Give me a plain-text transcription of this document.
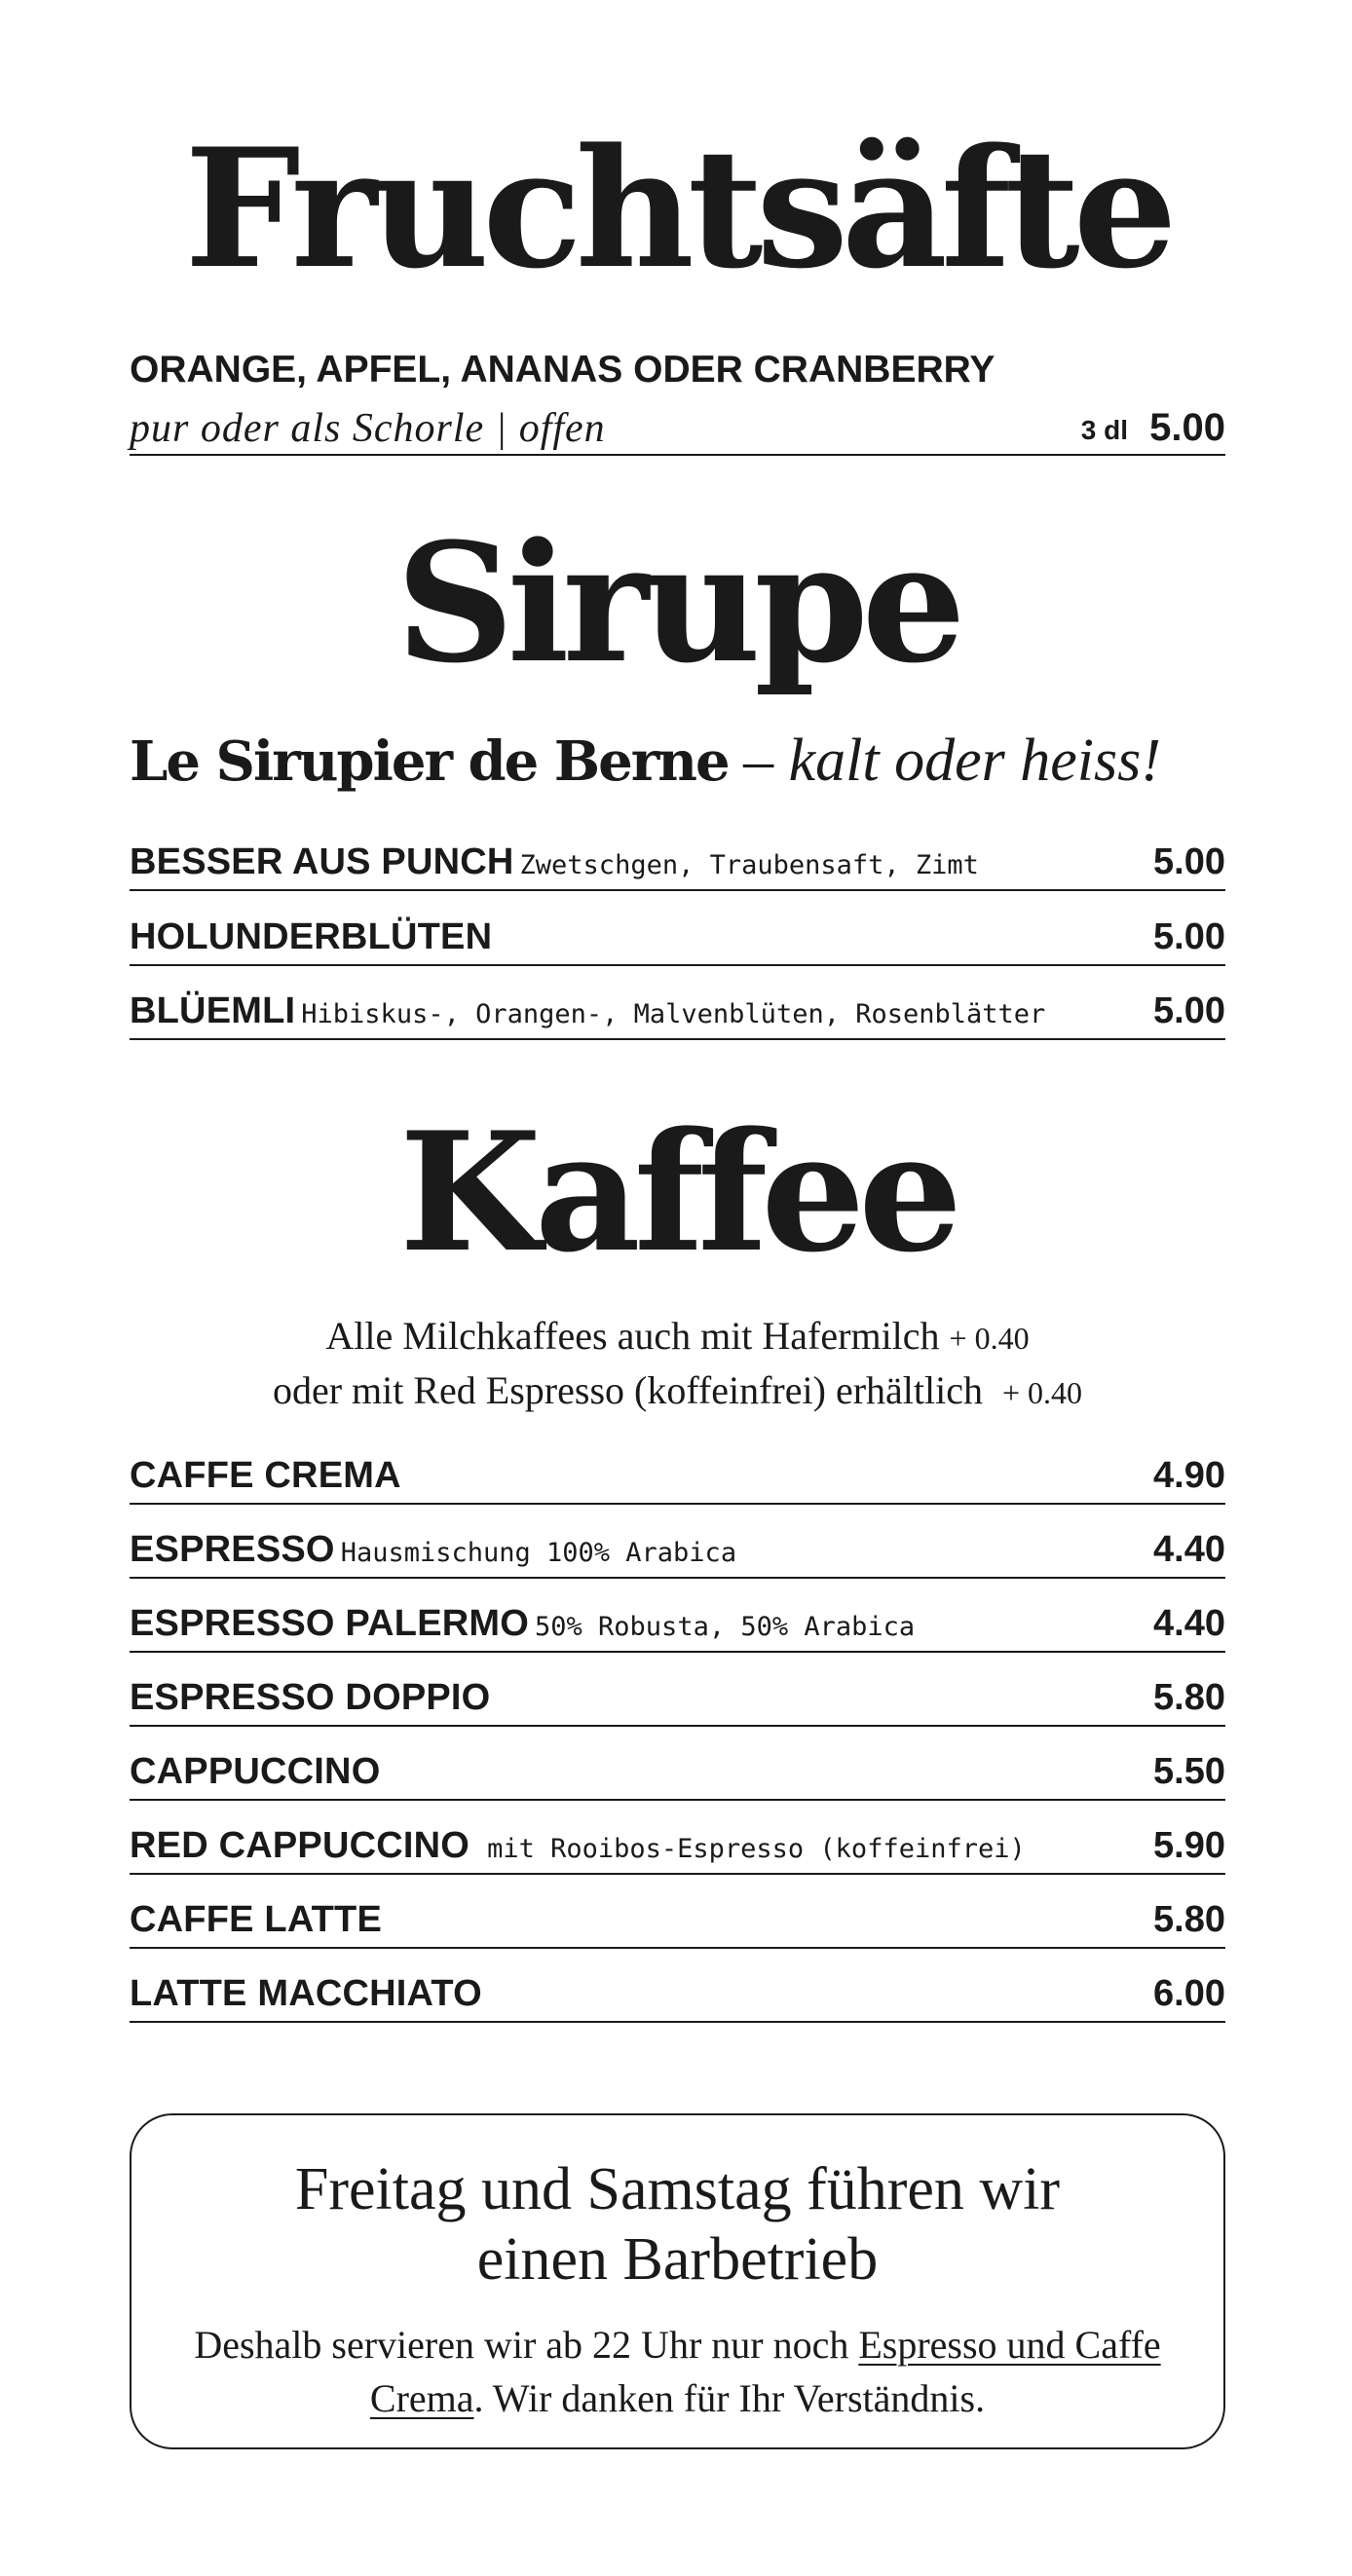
Fruchtsäfte
ORANGE, APFEL, ANANAS ODER CRANBERRY
pur oder als Schorle | offen	3 dl 5.00
Sirupe
Le Sirupier de Berne – kalt oder heiss!
BESSER AUS PUNCH Zwetschgen, Traubensaft, Zimt	5.00
HOLUNDERBLÜTEN	5.00
BLÜEMLI Hibiskus-, Orangen-, Malvenblüten, Rosenblätter	5.00
Kaffee
Alle Milchkaffees auch mit Hafermilch + 0.40
oder mit Red Espresso (koffeinfrei) erhältlich + 0.40
CAFFE CREMA	4.90
ESPRESSO Hausmischung 100% Arabica	4.40
ESPRESSO PALERMO 50% Robusta, 50% Arabica	4.40
ESPRESSO DOPPIO	5.80
CAPPUCCINO	5.50
RED CAPPUCCINO mit Rooibos-Espresso (koffeinfrei)	5.90
CAFFE LATTE	5.80
LATTE MACCHIATO	6.00
Freitag und Samstag führen wir
einen Barbetrieb
Deshalb servieren wir ab 22 Uhr nur noch Espresso und Caffe Crema. Wir danken für Ihr Verständnis.
